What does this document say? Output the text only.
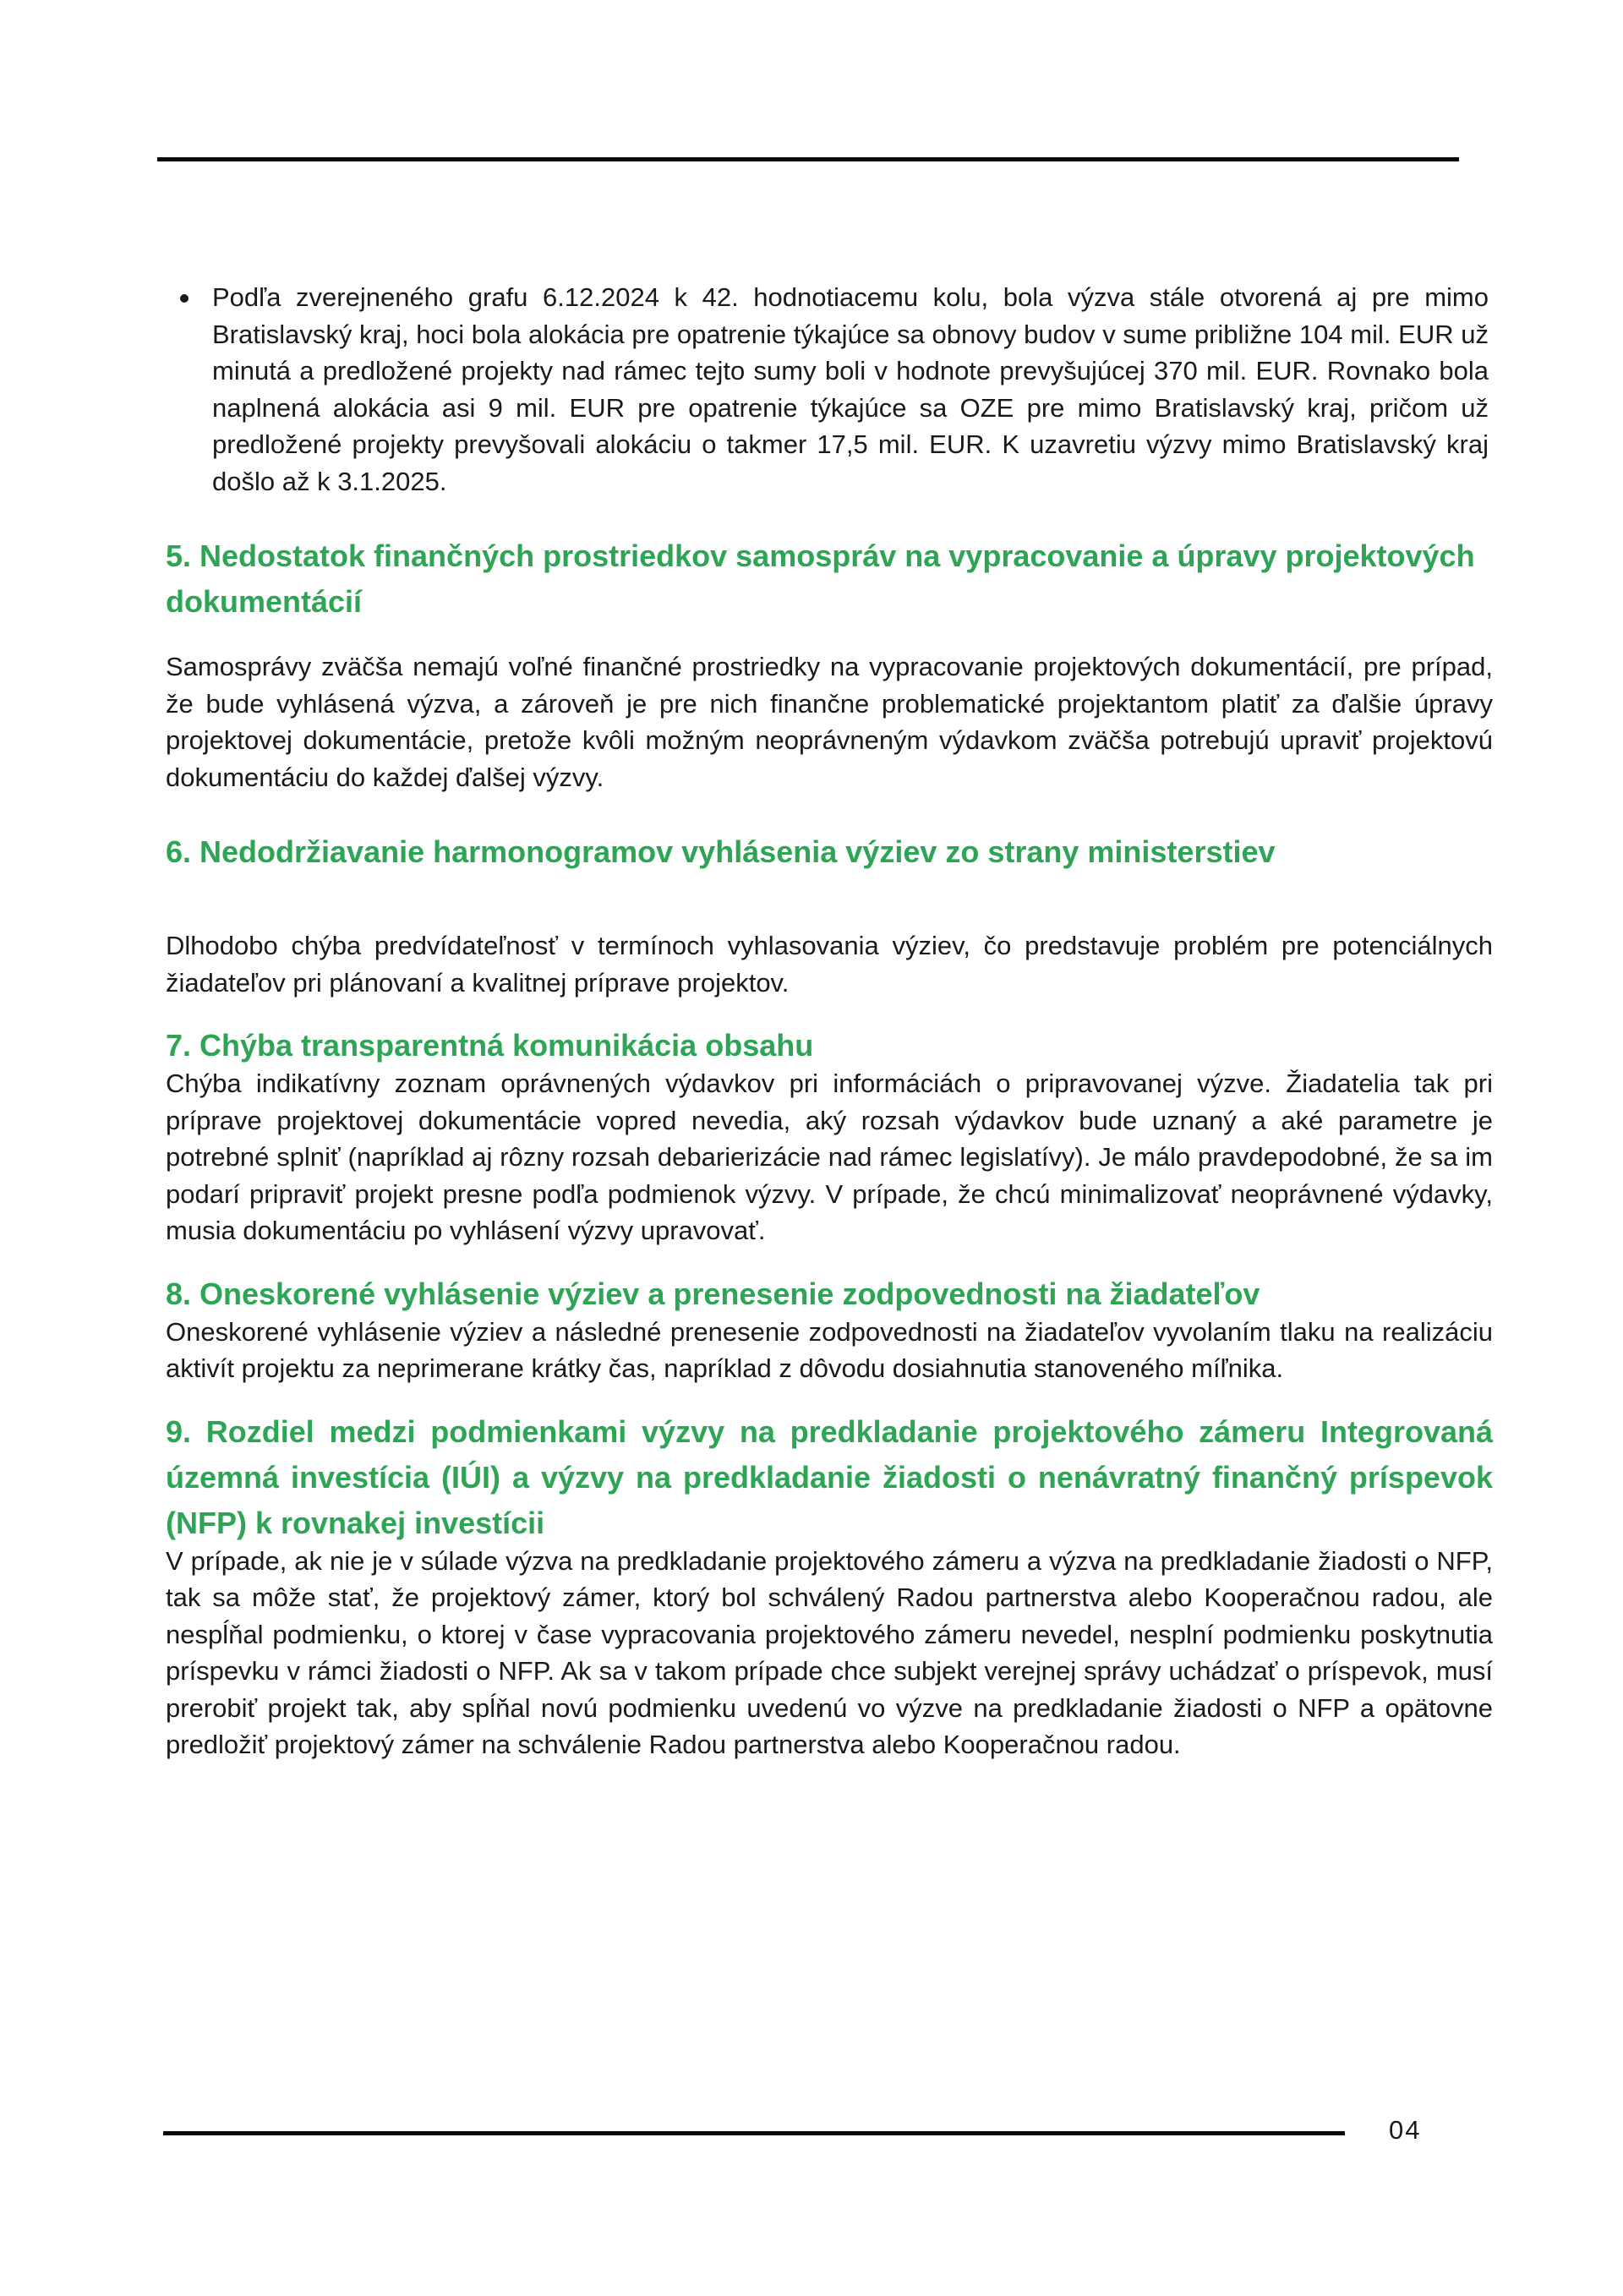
Podľa zverejneného grafu 6.12.2024 k 42. hodnotiacemu kolu, bola výzva stále otvorená aj pre mimo Bratislavský kraj, hoci bola alokácia pre opatrenie týkajúce sa obnovy budov v sume približne 104 mil. EUR už minutá a predložené projekty nad rámec tejto sumy boli v hodnote prevyšujúcej 370 mil. EUR. Rovnako bola naplnená alokácia asi 9 mil. EUR pre opatrenie týkajúce sa OZE pre mimo Bratislavský kraj, pričom už predložené projekty prevyšovali alokáciu o takmer 17,5 mil. EUR. K uzavretiu výzvy mimo Bratislavský kraj došlo až k 3.1.2025.

5. Nedostatok finančných prostriedkov samospráv na vypracovanie a úpravy projektových dokumentácií

Samosprávy zväčša nemajú voľné finančné prostriedky na vypracovanie projektových dokumentácií, pre prípad, že bude vyhlásená výzva, a zároveň je pre nich finančne problematické projektantom platiť za ďalšie úpravy projektovej dokumentácie, pretože kvôli možným neoprávneným výdavkom zväčša potrebujú upraviť projektovú dokumentáciu do každej ďalšej výzvy.

6. Nedodržiavanie harmonogramov vyhlásenia výziev zo strany ministerstiev

Dlhodobo chýba predvídateľnosť v termínoch vyhlasovania výziev, čo predstavuje problém pre potenciálnych žiadateľov pri plánovaní a kvalitnej príprave projektov.

7. Chýba transparentná komunikácia obsahu

Chýba indikatívny zoznam oprávnených výdavkov pri informáciách o pripravovanej výzve. Žiadatelia tak pri príprave projektovej dokumentácie vopred nevedia, aký rozsah výdavkov bude uznaný a aké parametre je potrebné splniť (napríklad aj rôzny rozsah debarierizácie nad rámec legislatívy). Je málo pravdepodobné, že sa im podarí pripraviť projekt presne podľa podmienok výzvy. V prípade, že chcú minimalizovať neoprávnené výdavky, musia dokumentáciu po vyhlásení výzvy upravovať.

8. Oneskorené vyhlásenie výziev a prenesenie zodpovednosti na žiadateľov

Oneskorené vyhlásenie výziev a následné prenesenie zodpovednosti na žiadateľov vyvolaním tlaku na realizáciu aktivít projektu za neprimerane krátky čas, napríklad z dôvodu dosiahnutia stanoveného míľnika.

9. Rozdiel medzi podmienkami výzvy na predkladanie projektového zámeru Integrovaná územná investícia (IÚI) a výzvy na predkladanie žiadosti o nenávratný finančný príspevok (NFP) k rovnakej investícii

V prípade, ak nie je v súlade výzva na predkladanie projektového zámeru a výzva na predkladanie žiadosti o NFP, tak sa môže stať, že projektový zámer, ktorý bol schválený Radou partnerstva alebo Kooperačnou radou, ale nespĺňal podmienku, o ktorej v čase vypracovania projektového zámeru nevedel, nesplní podmienku poskytnutia príspevku v rámci žiadosti o NFP. Ak sa v takom prípade chce subjekt verejnej správy uchádzať o príspevok, musí prerobiť projekt tak, aby spĺňal novú podmienku uvedenú vo výzve na predkladanie žiadosti o NFP a opätovne predložiť projektový zámer na schválenie Radou partnerstva alebo Kooperačnou radou.

04
